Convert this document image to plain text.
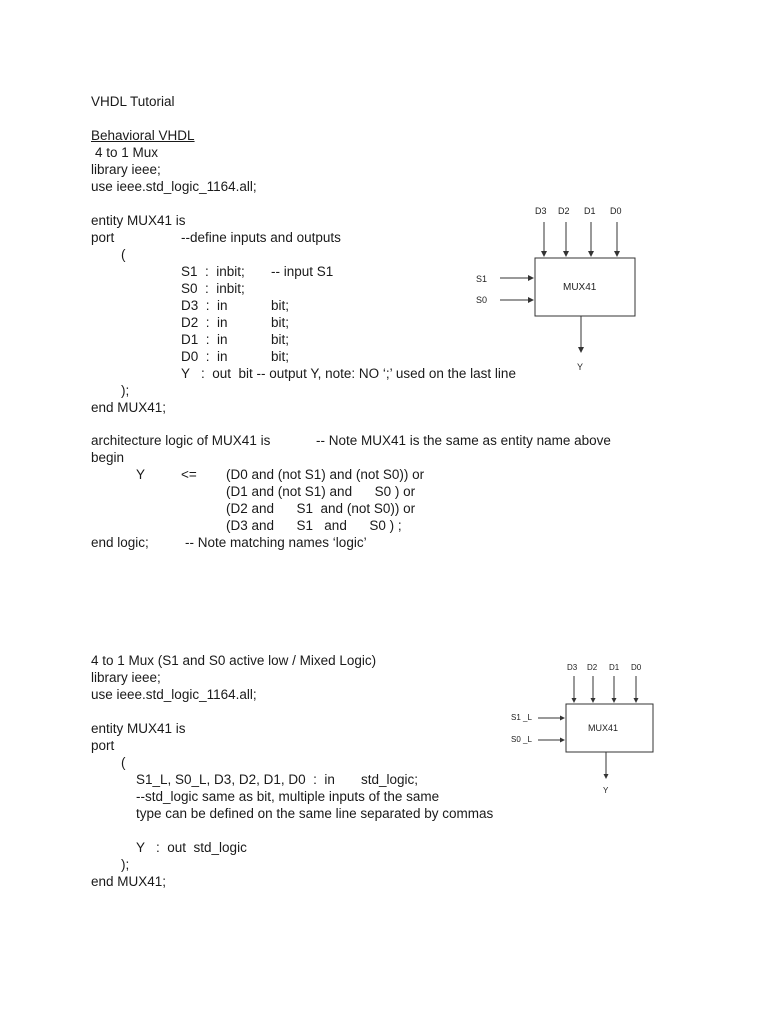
VHDL Tutorial
Behavioral VHDL
4 to 1 Mux
library ieee;
use ieee.std_logic_1164.all;
entity MUX41 is
port	--define inputs and outputs
(
S1  :  inbit; -- input S1
S0  :  inbit;
D3  :  in	bit;
D2  :  in	bit;
D1  :  in	bit;
D0  :  in	bit;
Y   :  out  bit -- output Y, note: NO ‘;’ used on the last line
);
end MUX41;
architecture logic of MUX41 is	-- Note MUX41 is the same as entity name above
begin
Y	<= (D0 and (not S1) and (not S0)) or
(D1 and (not S1) and      S0 ) or
(D2 and      S1  and (not S0)) or
(D3 and      S1   and      S0 ) ;
end logic;	-- Note matching names ‘logic’
4 to 1 Mux (S1 and S0 active low / Mixed Logic)
library ieee;
use ieee.std_logic_1164.all;
entity MUX41 is
port
(
S1_L, S0_L, D3, D2, D1, D0  :  in std_logic;
--std_logic same as bit, multiple inputs of the same
type can be defined on the same line separated by commas
Y   :  out  std_logic
);
end MUX41;
MUX41
D3 D2 D1 D0
S1
S0
Y
MUX41
D3 D2 D1 D0
S1 _L
S0 _L
Y
